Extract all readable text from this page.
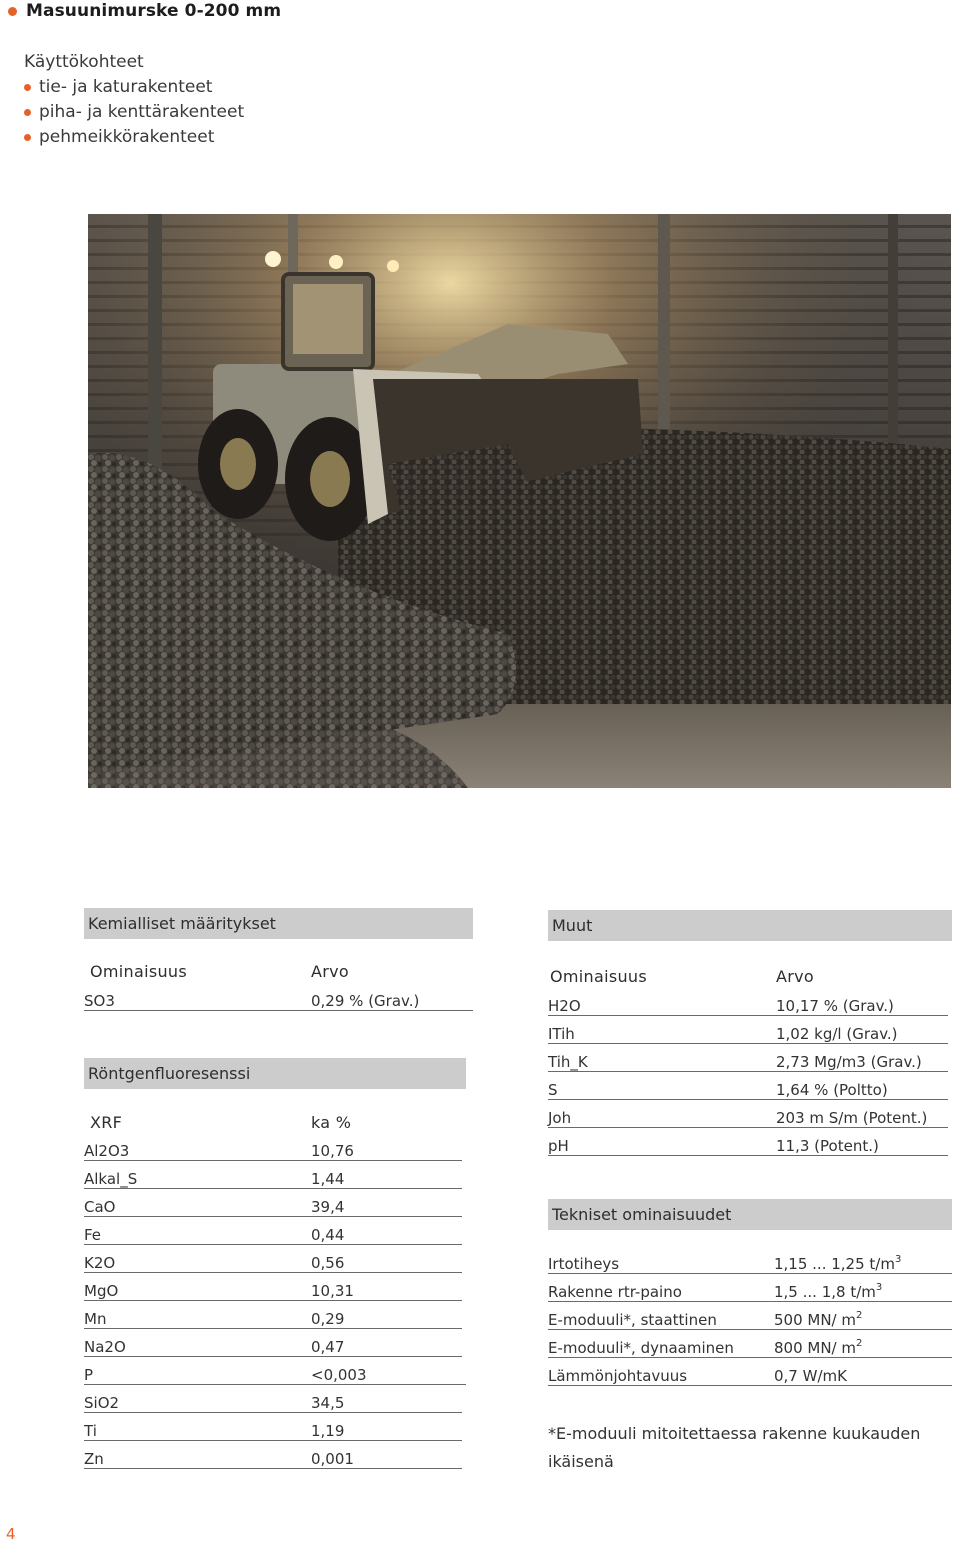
Masuunimurske 0-200 mm
Käyttökohteet
tie- ja katurakenteet
piha- ja kenttärakenteet
pehmeikkörakenteet
Kemialliset määritykset
Ominaisuus	Arvo
SO3	0,29 % (Grav.)
Röntgenfluoresenssi
XRF	ka %
Al2O3	10,76
Alkal_S	1,44
CaO	39,4
Fe	0,44
K2O	0,56
MgO	10,31
Mn	0,29
Na2O	0,47
P	<0,003
SiO2	34,5
Ti	1,19
Zn	0,001
Muut
Ominaisuus	Arvo
H2O	10,17 % (Grav.)
ITih	1,02 kg/l (Grav.)
Tih_K	2,73 Mg/m3 (Grav.)
S	1,64 % (Poltto)
Joh	203 m S/m (Potent.)
pH	11,3 (Potent.)
Tekniset ominaisuudet
Irtotiheys	1,15 ... 1,25 $t/m^3$
Rakenne rtr-paino	1,5 ... 1,8 $t/m^3$
E-moduuli*, staattinen	500 MN/ $m^2$
E-moduuli*, dynaaminen	800 MN/ $m^2$
Lämmönjohtavuus	0,7 W/mK
*E-moduuli mitoitettaessa rakenne kuukauden ikäisenä
4
